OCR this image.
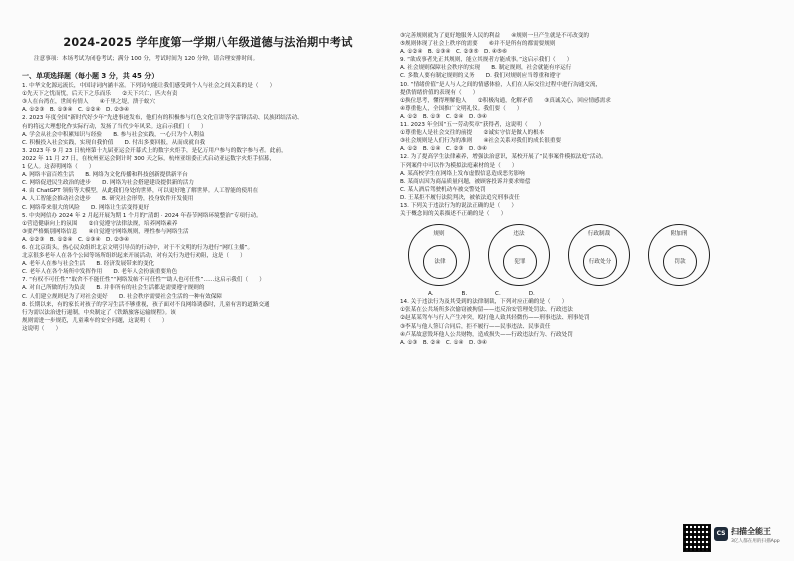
2024-2025 学年度第一学期八年级道德与法治期中考试
注意事项：本场考试为闭卷考试；满分 100 分，考试时间为 120 分钟，请合理安排时间。
一、单项选择题（每小题 3 分，共 45 分）
1. 中华文化源远流长，中国诗词内涵丰富。下列诗句能让我们感受到个人与社会之间关系的是（　　）
①先天下之忧而忧，后天下之乐而乐　　②天下兴亡，匹夫有责
③人在台湾在，世间有情人　　④千里之堤，溃于蚁穴
A. ①②③　B. ①③④　C. ①②④　D. ②③④
2. 2023 年度全国“新时代好少年”先进事迹发布，他们有的积极参与红色文化宣讲等学雷锋活动、民族团结活动、
有的将远大理想化作实际行动，发扬了当代少年风采。这启示我们（　　）
A. 学会从社会中积累知识与经验　　B. 参与社会实践，一心只为个人利益
C. 积极投入社会实践，实现自我价值　　D. 付出多要回报，从而成就自我
3. 2023 年 9 月 23 日杭州第十九届亚运会开幕式上的数字火炬手，是亿万用户参与的数字参与者。此前，
2022 年 11 月 27 日，在杭州亚运会倒计时 300 天之际，杭州亚组委正式启动亚运数字火炬手招募，
1 亿人。这表明网络（　　）
A. 网络丰富百姓生活　　B. 网络为文化传播和科技创新提供新平台
C. 网络促进民生政治的进步　　D. 网络为社会搭建建设提供新的活力
4. 由 ChatGPT 领衔等大模型，从此我们身处的世界，可以更好地了解世界。人工智能的使用在
A. 人工智能会推动社会进步　　B. 研究社会形势，投身软件开发使用
C. 网络带来很大的风险　　D. 网络让生活变得更好
5. 中央网信办 2024 年 2 月起开展为期 1 个月的“清朗 · 2024 年春节网络环境整治”专项行动。
①营造健康向上的氛围　　②自觉遵守法律法规，培养网络素养
③要严格甄别网络信息　　④自觉遵守网络规则，理性参与网络生活
A. ①②③　B. ①②④　C. ①③④　D. ②③④
6. 在北京街头，热心民众组织北京文明引导员的行动中，对于不文明的行为进行“网红主播”。
北京很多老年人在各个公园等场所组织起来开展活动，对有关行为进行劝阻，这是（　　）
A. 老年人在参与社会生活　　B. 经济发展带来的变化
C. 老年人在各个场所中发挥作用　　D. 老年人会扮演重要角色
7. “有权不可任性”“取舍不不能任性”“网络发帖不可任性”“助人也可任性”……这启示我们（　　）
A. 对自己所做的行为负责　　B. 并非所有的社会生活都是需要遵守规则的
C. 人们建立规则是为了对社会更好　　D. 社会秩序需要社会生活的一种有效保障
8. 长期以来，有的家长对孩子的学习生活不够重视，孩子面对不良网络诱惑时，儿童有害的道路交通
行为需以法治进行遏制，中央制定了《铁路旅客运输规程》。该
规则需进一步规范，儿童乘车的安全问题，这说明（　　）
这说明（　　）
③完善规则就为了更好地服务人民的利益　　④规则一旦产生就是不可改变的
⑤规则体现了社会上秩序的需要　　⑥并不是所有的都需要规则
A. ①②④　B. ①③④　C. ②③⑤　D. ④⑤⑥
9. “欲成事者先正其规则，能立其规者方能成事。”这启示我们（　　）
A. 社会规则保障社会秩序的实现　　B. 制定规则，社会就能有序运行
C. 多数人要有制定规则的义务　　D. 我们对规则应当尊重和遵守
10. “情绪价值”是人与人之间的情感体验，人们在人际交往过程中进行沟通交流，
提供情绪价值的表现有（　　）
①换位思考，懂得理解他人　　②积极沟通，化解矛盾　　③真诚关心，回应情感需求
④尊重他人，全国推广文明礼仪。我们要（　　）
A. ①②　B. ①③　C. ②④　D. ③④
11. 2023 年全国“五一劳动奖章”获得者，这说明（　　）
①尊重他人是社会交往的前提　　②诚实守信是做人的根本
③社会规则是人们行为的准则　　④社会关系对我们的成长很重要
A. ①②　B. ①④　C. ②③　D. ③④
12. 为了提高学生法律素养，增强法治意识，某校开展了“民事案件模拟法庭”活动。
下列案件中可以作为模拟法庭素材的是（　　）
A. 某高校学生在网络上发布虚假信息造成恶劣影响
B. 某商店因为商品质量问题，被顾客投诉并要求赔偿
C. 某人酒后驾驶机动车被交警处罚
D. 王某拒不履行法院判决，被依法追究刑事责任
13. 下列关于违法行为的说法正确的是（　　）
关于概念间的关系描述不正确的是（　　）
规则
法律
违法
犯罪
行政制裁
行政处分
附加刑
罚款
A.　　　　　B.　　　　　C.　　　　　D.
14. 关于违法行为及其受到的法律制裁，下列对应正确的是（　　）
①张某在公共场所多次偷窃被拘留——违反治安管理处罚法、行政违法
②赵某某驾车与行人产生冲突，殴打他人致其轻微伤——刑事违法、刑事处罚
③李某与他人签订合同后，拒不履行——民事违法、民事责任
④卢某故意毁坏他人公共财物，造成损失——行政违法行为、行政处罚
A. ①③　B. ②④　C. ①④　D. ③④
CS 扫描全能王
3亿人都在用的扫描App
